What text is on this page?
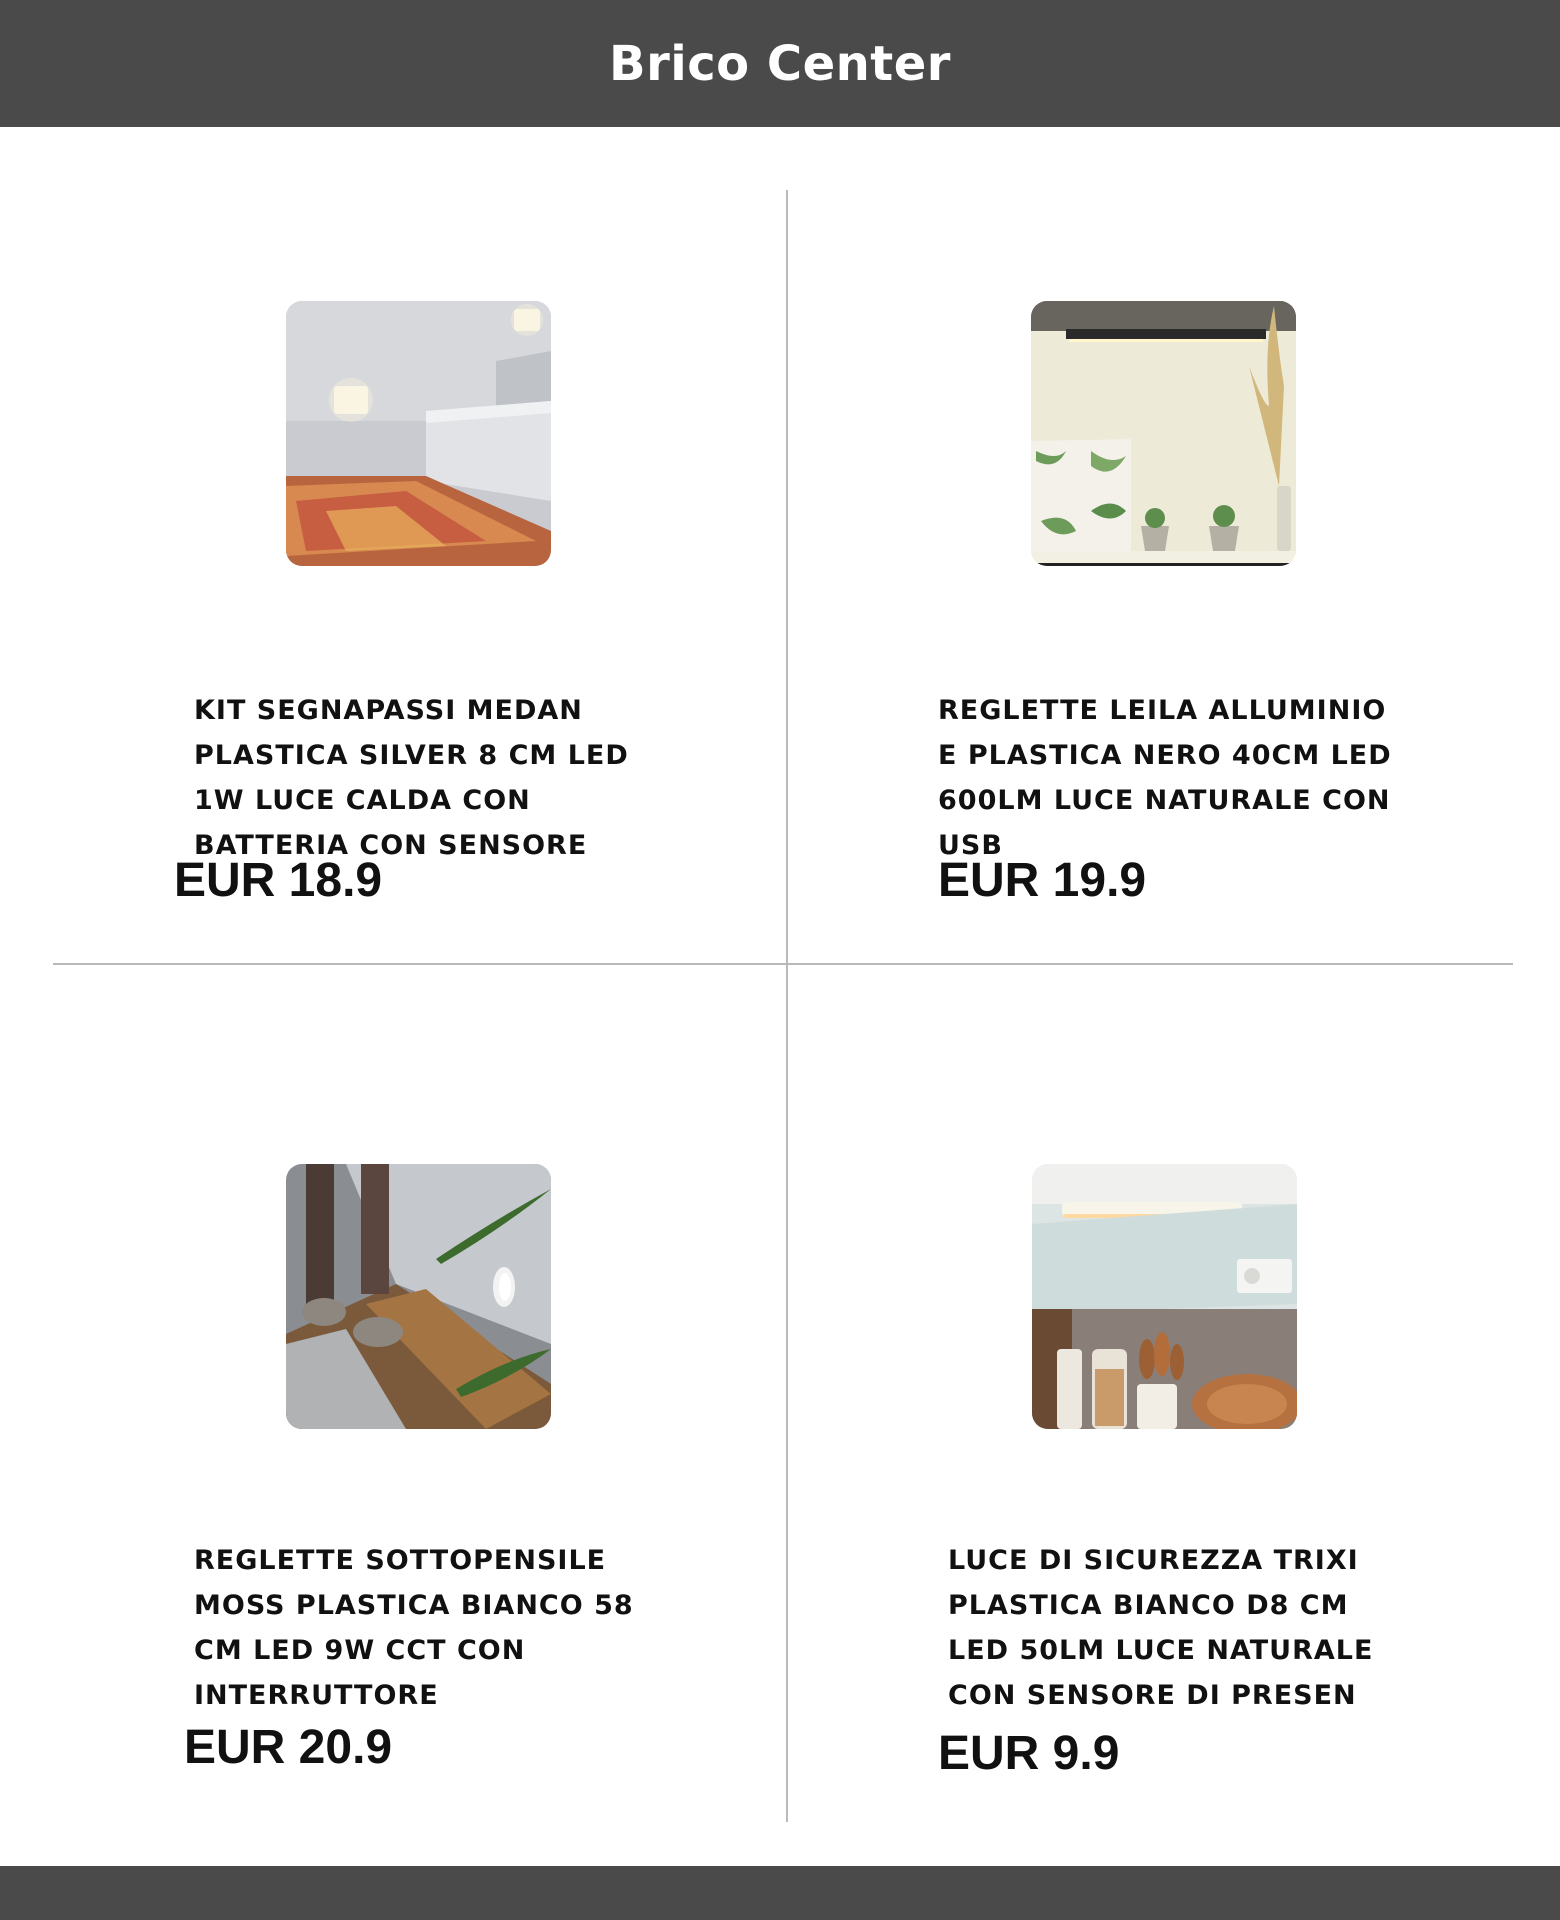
Brico Center

KIT SEGNAPASSI MEDAN PLASTICA SILVER 8 CM LED 1W LUCE CALDA CON BATTERIA CON SENSORE

EUR 18.9

REGLETTE LEILA ALLUMINIO E PLASTICA NERO 40CM LED 600LM LUCE NATURALE CON USB

EUR 19.9

REGLETTE SOTTOPENSILE MOSS PLASTICA BIANCO 58 CM LED 9W CCT CON INTERRUTTORE

EUR 20.9

LUCE DI SICUREZZA TRIXI PLASTICA BIANCO D8 CM LED 50LM LUCE NATURALE CON SENSORE DI PRESEN

EUR 9.9
